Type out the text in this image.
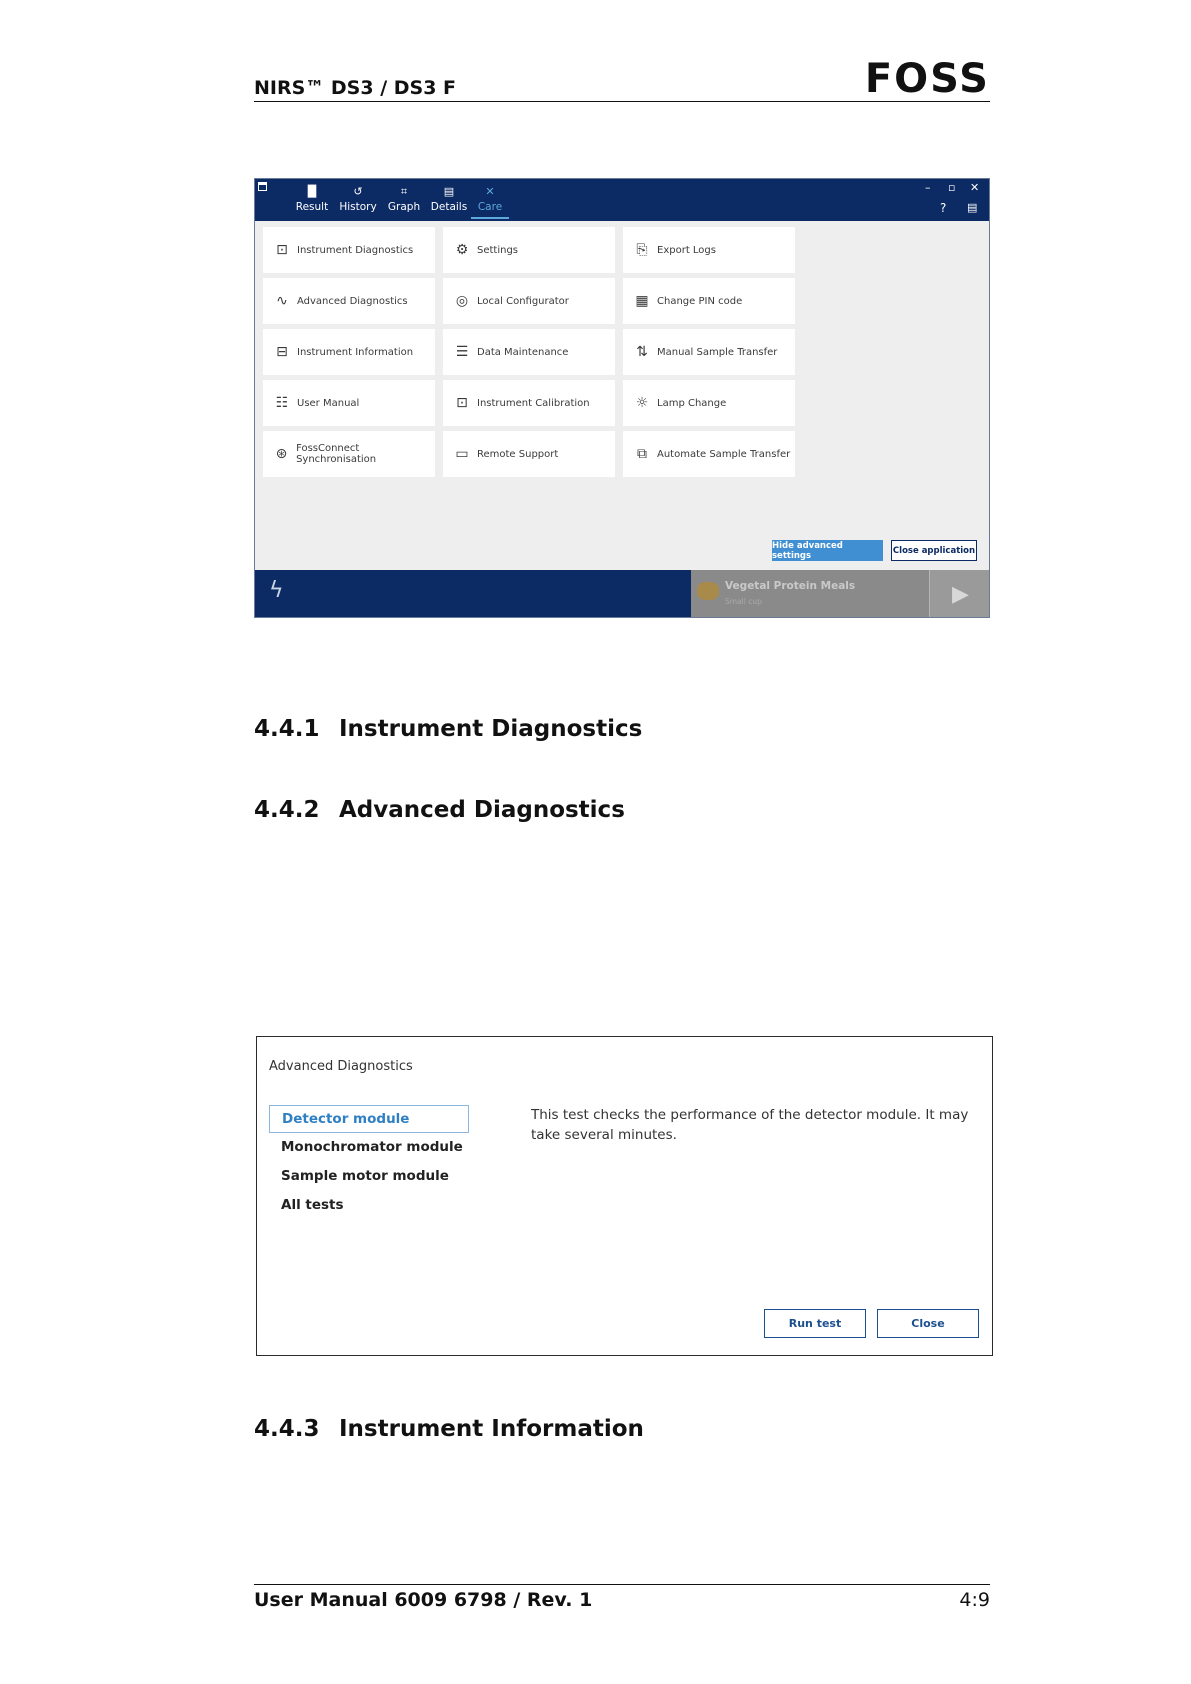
NIRS™ DS3 / DS3 F	FOSS
▐▌
Result
↺
History
⌗
Graph
▤
Details
✕
Care
– ▫ ✕
? ▤
⊡ Instrument Diagnostics	⚙ Settings	⎘ Export Logs
∿ Advanced Diagnostics	◎ Local Configurator	▦ Change PIN code
⊟ Instrument Information	☰ Data Maintenance	⇅ Manual Sample Transfer
☷ User Manual	⊡ Instrument Calibration	☼ Lamp Change
⊛ FossConnect Synchronisation	▭ Remote Support	⧉	Automate Sample Transfer
Hide advanced settings	Close application
ϟ	Vegetal Protein Meals
Small cup	▶
4.4.1 Instrument Diagnostics
4.4.2 Advanced Diagnostics
Advanced Diagnostics
Detector module
Monochromator module
Sample motor module
All tests
This test checks the performance of the detector module. It may take several minutes.
Run test	Close
4.4.3 Instrument Information
User Manual 6009 6798 / Rev. 1	4:9
